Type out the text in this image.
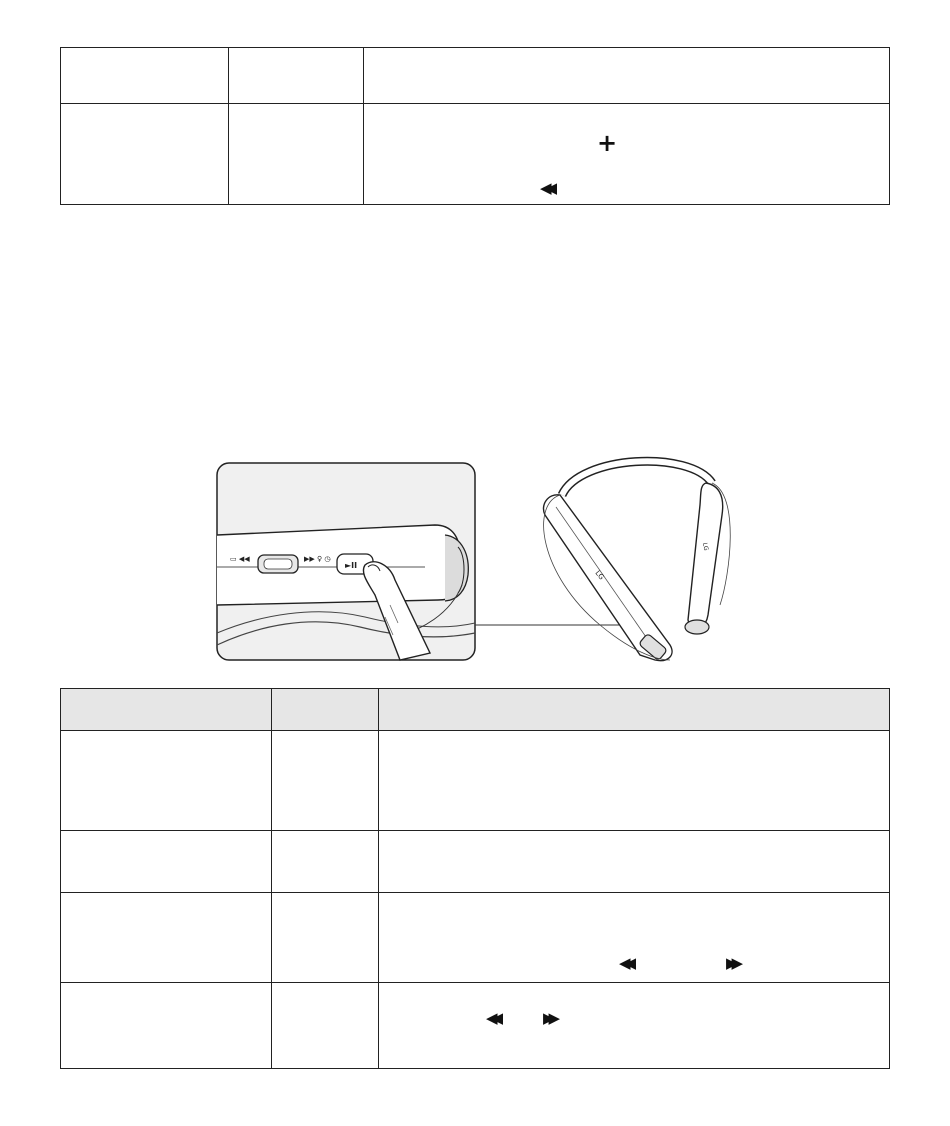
		+
◀◀
▭ ◀◀	▶▶ ♀ ◷
►II
LG
LG

		◀◀ ▶▶

		◀◀ ▶▶
